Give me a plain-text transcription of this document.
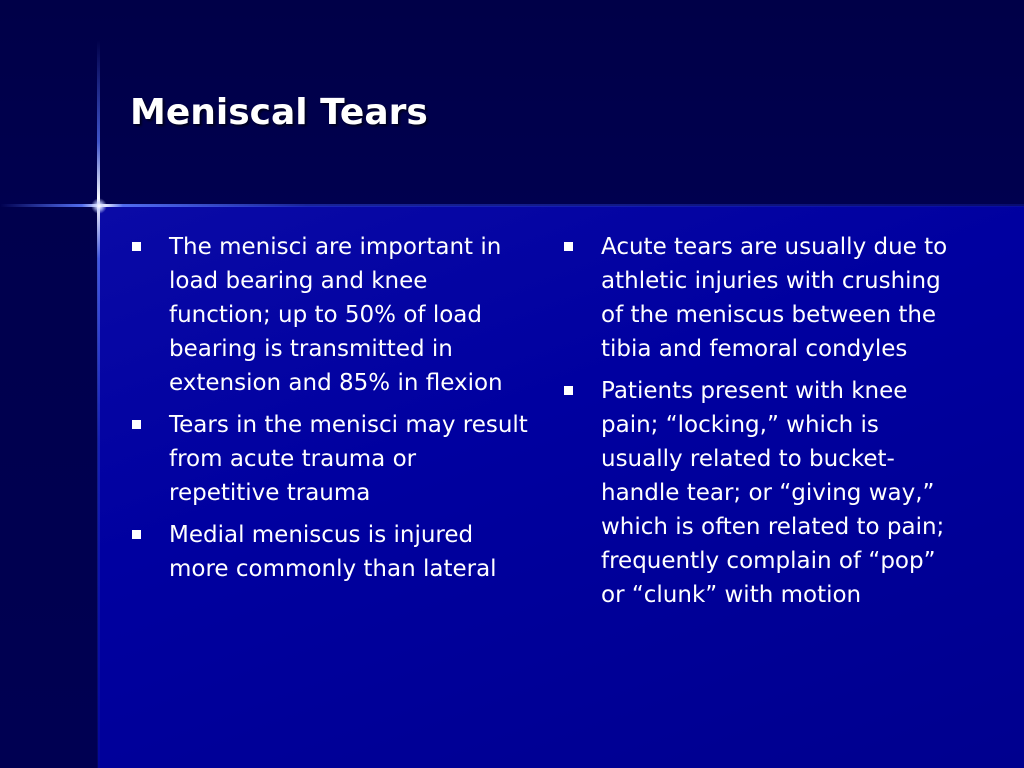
Meniscal Tears
The menisci are important in load bearing and knee function; up to 50% of load bearing is transmitted in extension and 85% in flexion
Tears in the menisci may result from acute trauma or repetitive trauma
Medial meniscus is injured more commonly than lateral
Acute tears are usually due to athletic injuries with crushing of the meniscus between the tibia and femoral condyles
Patients present with knee pain; “locking,” which is usually related to bucket-handle tear; or “giving way,” which is often related to pain; frequently complain of “pop” or “clunk” with motion
